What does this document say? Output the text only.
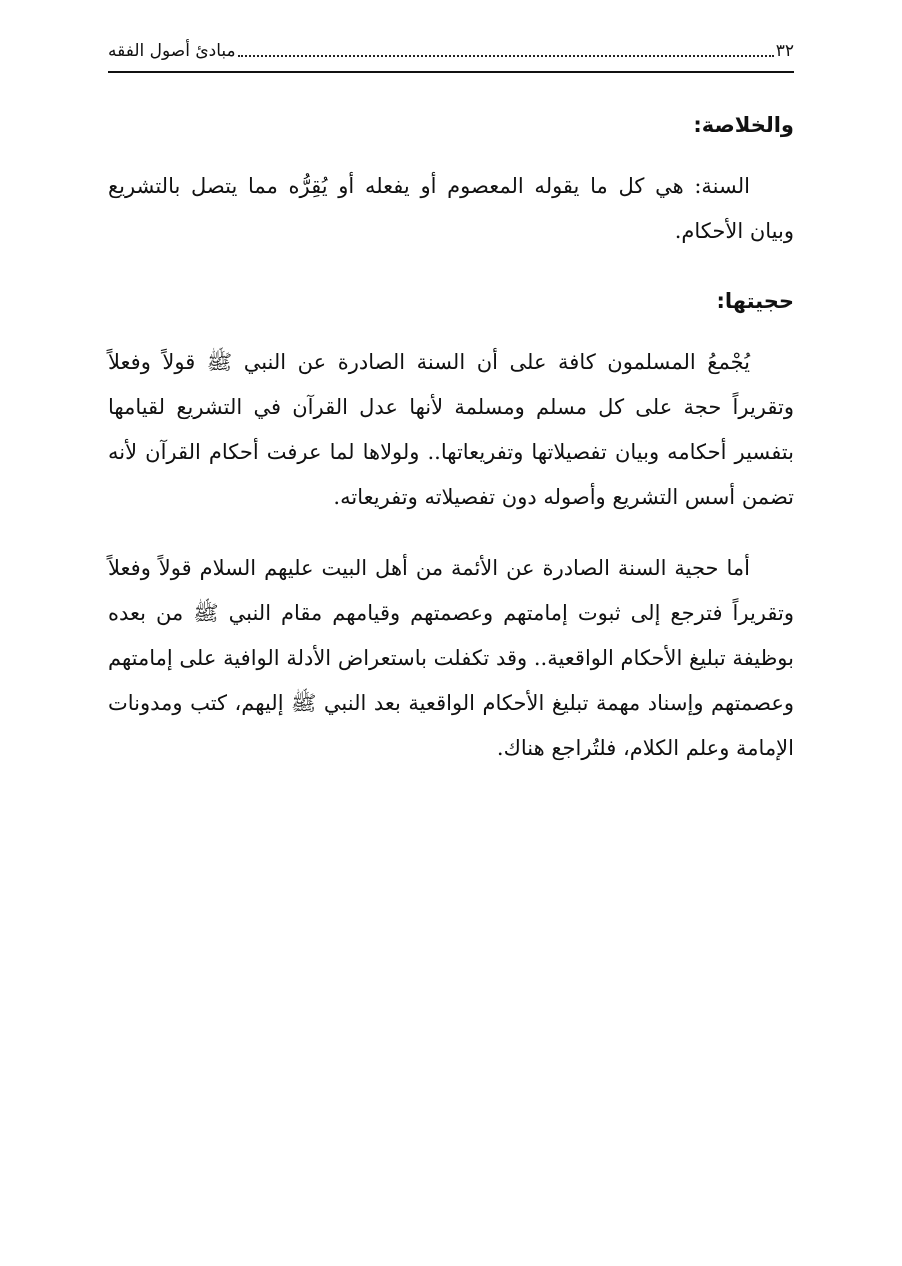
٣٢
مبادئ أصول الفقه
والخلاصة:

السنة: هي كل ما يقوله المعصوم أو يفعله أو يُقِرُّه مما يتصل بالتشريع وبيان الأحكام.

حجيتها:

يُجْمعُ المسلمون كافة على أن السنة الصادرة عن النبي ﷺ قولاً وفعلاً وتقريراً حجة على كل مسلم ومسلمة لأنها عدل القرآن في التشريع لقيامها بتفسير أحكامه وبيان تفصيلاتها وتفريعاتها.. ولولاها لما عرفت أحكام القرآن لأنه تضمن أسس التشريع وأصوله دون تفصيلاته وتفريعاته.

أما حجية السنة الصادرة عن الأئمة من أهل البيت عليهم السلام قولاً وفعلاً وتقريراً فترجع إلى ثبوت إمامتهم وعصمتهم وقيامهم مقام النبي ﷺ من بعده بوظيفة تبليغ الأحكام الواقعية.. وقد تكفلت باستعراض الأدلة الوافية على إمامتهم وعصمتهم وإسناد مهمة تبليغ الأحكام الواقعية بعد النبي ﷺ إليهم، كتب ومدونات الإمامة وعلم الكلام، فلتُراجع هناك.
